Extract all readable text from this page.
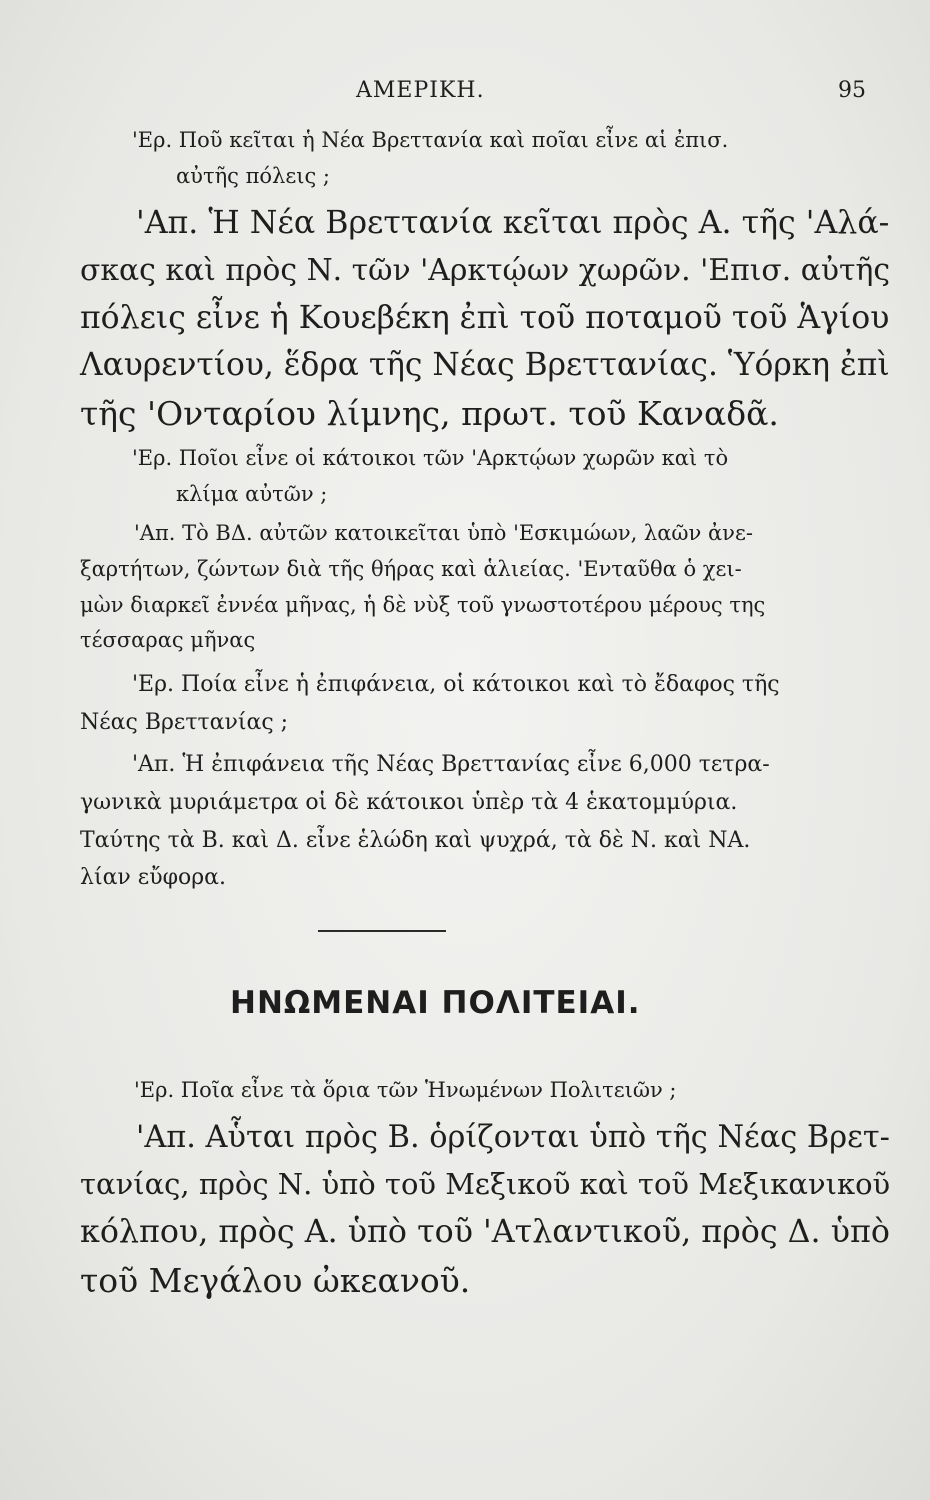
ΑΜΕΡΙΚΗ.	95
'Ερ. Ποῦ κεῖται ἡ Νέα Βρεττανία καὶ ποῖαι εἶνε αἱ ἐπισ.
αὐτῆς πόλεις ;
'Απ. Ἡ Νέα Βρεττανία κεῖται πρὸς Α. τῆς 'Αλά-
σκας καὶ πρὸς Ν. τῶν 'Αρκτῴων χωρῶν. 'Επισ. αὐτῆς
πόλεις εἶνε ἡ Κουεβέκη ἐπὶ τοῦ ποταμοῦ τοῦ Ἁγίου
Λαυρεντίου, ἕδρα τῆς Νέας Βρεττανίας. Ὑόρκη ἐπὶ
τῆς 'Ονταρίου λίμνης, πρωτ. τοῦ Καναδᾶ.
'Ερ. Ποῖοι εἶνε οἱ κάτοικοι τῶν 'Αρκτῴων χωρῶν καὶ τὸ
κλίμα αὐτῶν ;
'Απ. Τὸ ΒΔ. αὐτῶν κατοικεῖται ὑπὸ 'Εσκιμώων, λαῶν ἀνε-
ξαρτήτων, ζώντων διὰ τῆς θήρας καὶ ἁλιείας. 'Ενταῦθα ὁ χει-
μὼν διαρκεῖ ἐννέα μῆνας, ἡ δὲ νὺξ τοῦ γνωστοτέρου μέρους της
τέσσαρας μῆνας
'Ερ. Ποία εἶνε ἡ ἐπιφάνεια, οἱ κάτοικοι καὶ τὸ ἔδαφος τῆς
Νέας Βρεττανίας ;
'Απ. Ἡ ἐπιφάνεια τῆς Νέας Βρεττανίας εἶνε 6,000 τετρα-
γωνικὰ μυριάμετρα οἱ δὲ κάτοικοι ὑπὲρ τὰ 4 ἑκατομμύρια.
Ταύτης τὰ Β. καὶ Δ. εἶνε ἑλώδη καὶ ψυχρά, τὰ δὲ Ν. καὶ ΝΑ.
λίαν εὔφορα.
ΗΝΩΜΕΝΑΙ ΠΟΛΙΤΕΙΑΙ.
'Ερ. Ποῖα εἶνε τὰ ὅρια τῶν Ἡνωμένων Πολιτειῶν ;
'Απ. Αὗται πρὸς Β. ὁρίζονται ὑπὸ τῆς Νέας Βρετ-
τανίας, πρὸς Ν. ὑπὸ τοῦ Μεξικοῦ καὶ τοῦ Μεξικανικοῦ
κόλπου, πρὸς Α. ὑπὸ τοῦ 'Ατλαντικοῦ, πρὸς Δ. ὑπὸ
τοῦ Μεγάλου ὠκεανοῦ.
